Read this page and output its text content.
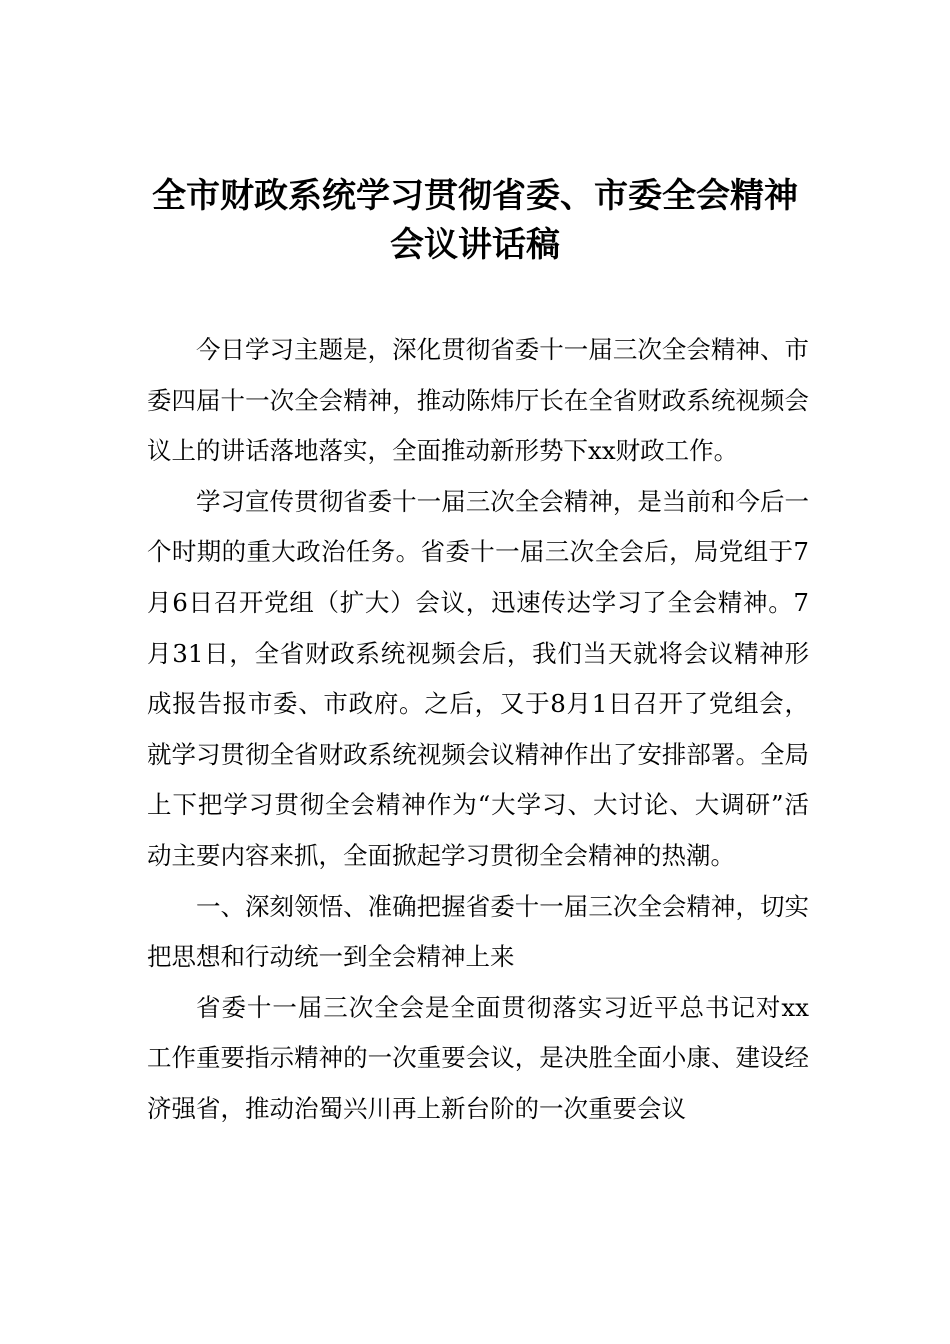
全市财政系统学习贯彻省委、市委全会精神会议讲话稿

今日学习主题是，深化贯彻省委十一届三次全会精神、市委四届十一次全会精神，推动陈炜厅长在全省财政系统视频会议上的讲话落地落实，全面推动新形势下xx财政工作。

学习宣传贯彻省委十一届三次全会精神，是当前和今后一个时期的重大政治任务。省委十一届三次全会后，局党组于7月6日召开党组（扩大）会议，迅速传达学习了全会精神。7月31日，全省财政系统视频会后，我们当天就将会议精神形成报告报市委、市政府。之后，又于8月1日召开了党组会，就学习贯彻全省财政系统视频会议精神作出了安排部署。全局上下把学习贯彻全会精神作为“大学习、大讨论、大调研”活动主要内容来抓，全面掀起学习贯彻全会精神的热潮。

一、深刻领悟、准确把握省委十一届三次全会精神，切实把思想和行动统一到全会精神上来

省委十一届三次全会是全面贯彻落实习近平总书记对xx工作重要指示精神的一次重要会议，是决胜全面小康、建设经济强省，推动治蜀兴川再上新台阶的一次重要会议
